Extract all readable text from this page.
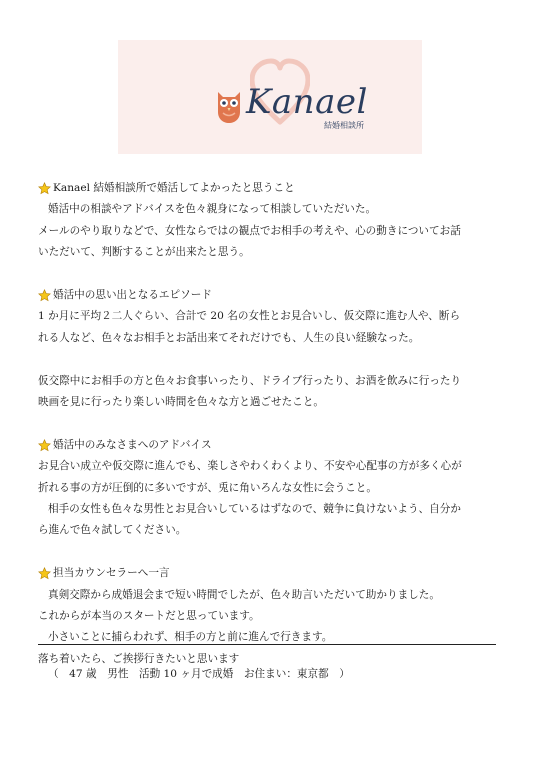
Kanael
結婚相談所
Kanael 結婚相談所で婚活してよかったと思うこと

婚活中の相談やアドバイスを色々親身になって相談していただいた。

メールのやり取りなどで、女性ならではの観点でお相手の考えや、心の動きについてお話

いただいて、判断することが出来たと思う。

婚活中の思い出となるエピソード

1 か月に平均２二人ぐらい、合計で 20 名の女性とお見合いし、仮交際に進む人や、断ら

れる人など、色々なお相手とお話出来てそれだけでも、人生の良い経験なった。

仮交際中にお相手の方と色々お食事いったり、ドライブ行ったり、お酒を飲みに行ったり

映画を見に行ったり楽しい時間を色々な方と過ごせたこと。

婚活中のみなさまへのアドバイス

お見合い成立や仮交際に進んでも、楽しさやわくわくより、不安や心配事の方が多く心が

折れる事の方が圧倒的に多いですが、兎に角いろんな女性に会うこと。

相手の女性も色々な男性とお見合いしているはずなので、競争に負けないよう、自分か

ら進んで色々試してください。

担当カウンセラーへ一言

真剣交際から成婚退会まで短い時間でしたが、色々助言いただいて助かりました。

これからが本当のスタートだと思っています。

小さいことに捕らわれず、相手の方と前に進んで行きます。

落ち着いたら、ご挨拶行きたいと思います

（　47 歳　男性　活動 10 ヶ月で成婚　お住まい：東京都　）
